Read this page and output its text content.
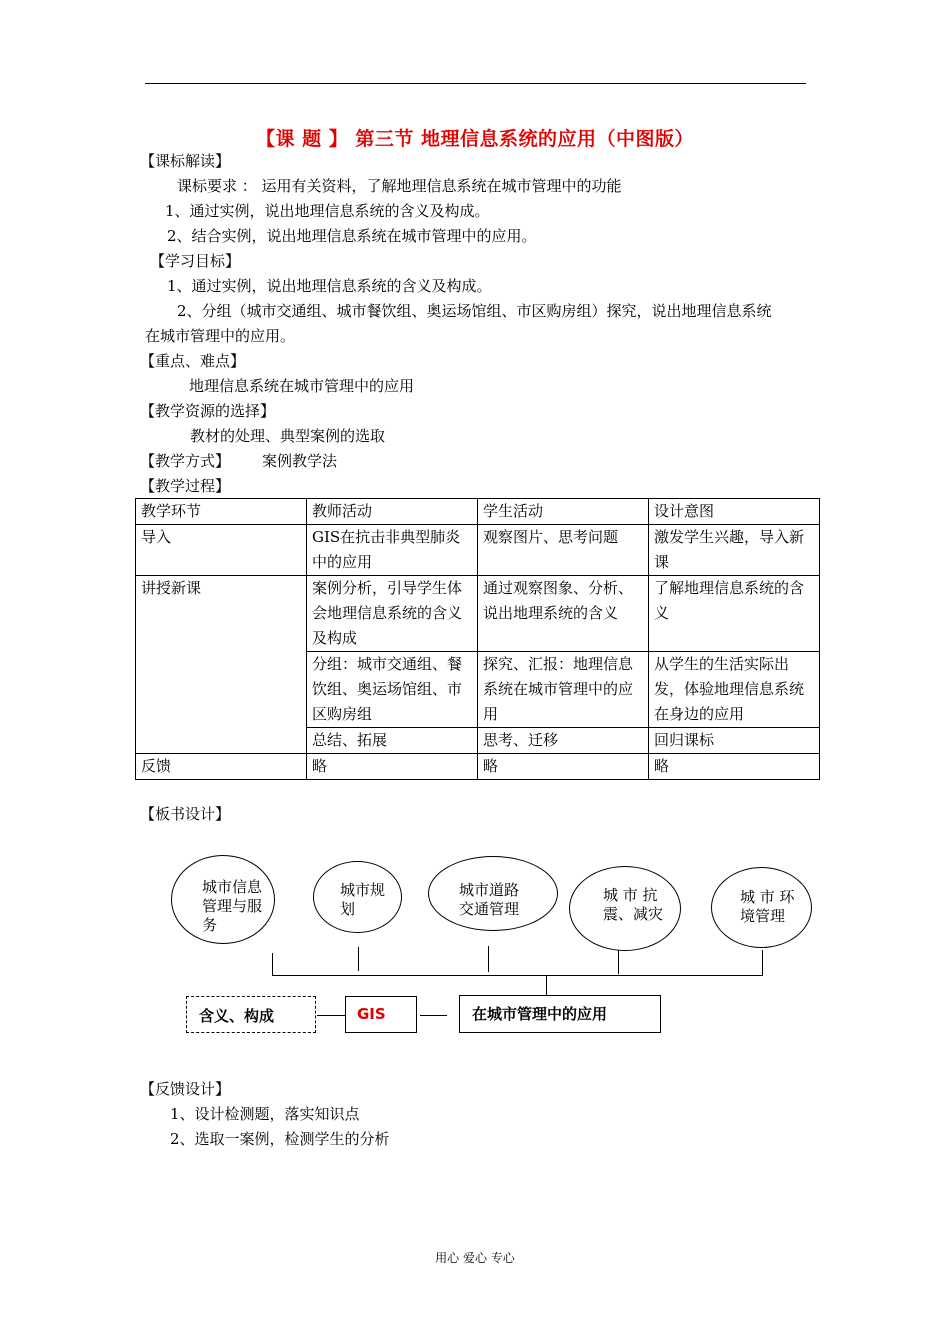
【课 题 】 第三节 地理信息系统的应用（中图版）
【课标解读】
课标要求 ： 运用有关资料，了解地理信息系统在城市管理中的功能
1、通过实例，说出地理信息系统的含义及构成。
2、结合实例，说出地理信息系统在城市管理中的应用。
【学习目标】
1、通过实例，说出地理信息系统的含义及构成。
2、分组（城市交通组、城市餐饮组、奥运场馆组、市区购房组）探究，说出地理信息系统
在城市管理中的应用。
【重点、难点】
地理信息系统在城市管理中的应用
【教学资源的选择】
教材的处理、典型案例的选取
【教学方式】 案例教学法
【教学过程】
教学环节	教师活动	学生活动	设计意图
导入	GIS在抗击非典型肺炎中的应用	观察图片、思考问题	激发学生兴趣，导入新课
讲授新课	案例分析，引导学生体会地理信息系统的含义及构成	通过观察图象、分析、说出地理系统的含义	了解地理信息系统的含义
	分组：城市交通组、餐饮组、奥运场馆组、市区购房组	探究、汇报：地理信息系统在城市管理中的应用	从学生的生活实际出发，体验地理信息系统在身边的应用
	总结、拓展	思考、迁移	回归课标
反馈	略	略	略
【板书设计】
城市信息管理与服务
城市规划
城市道路交通管理
城 市 抗震、减灾
城 市 环境管理
含义、构成	GIS	在城市管理中的应用
【反馈设计】
1、设计检测题，落实知识点
2、选取一案例，检测学生的分析
用心 爱心 专心
